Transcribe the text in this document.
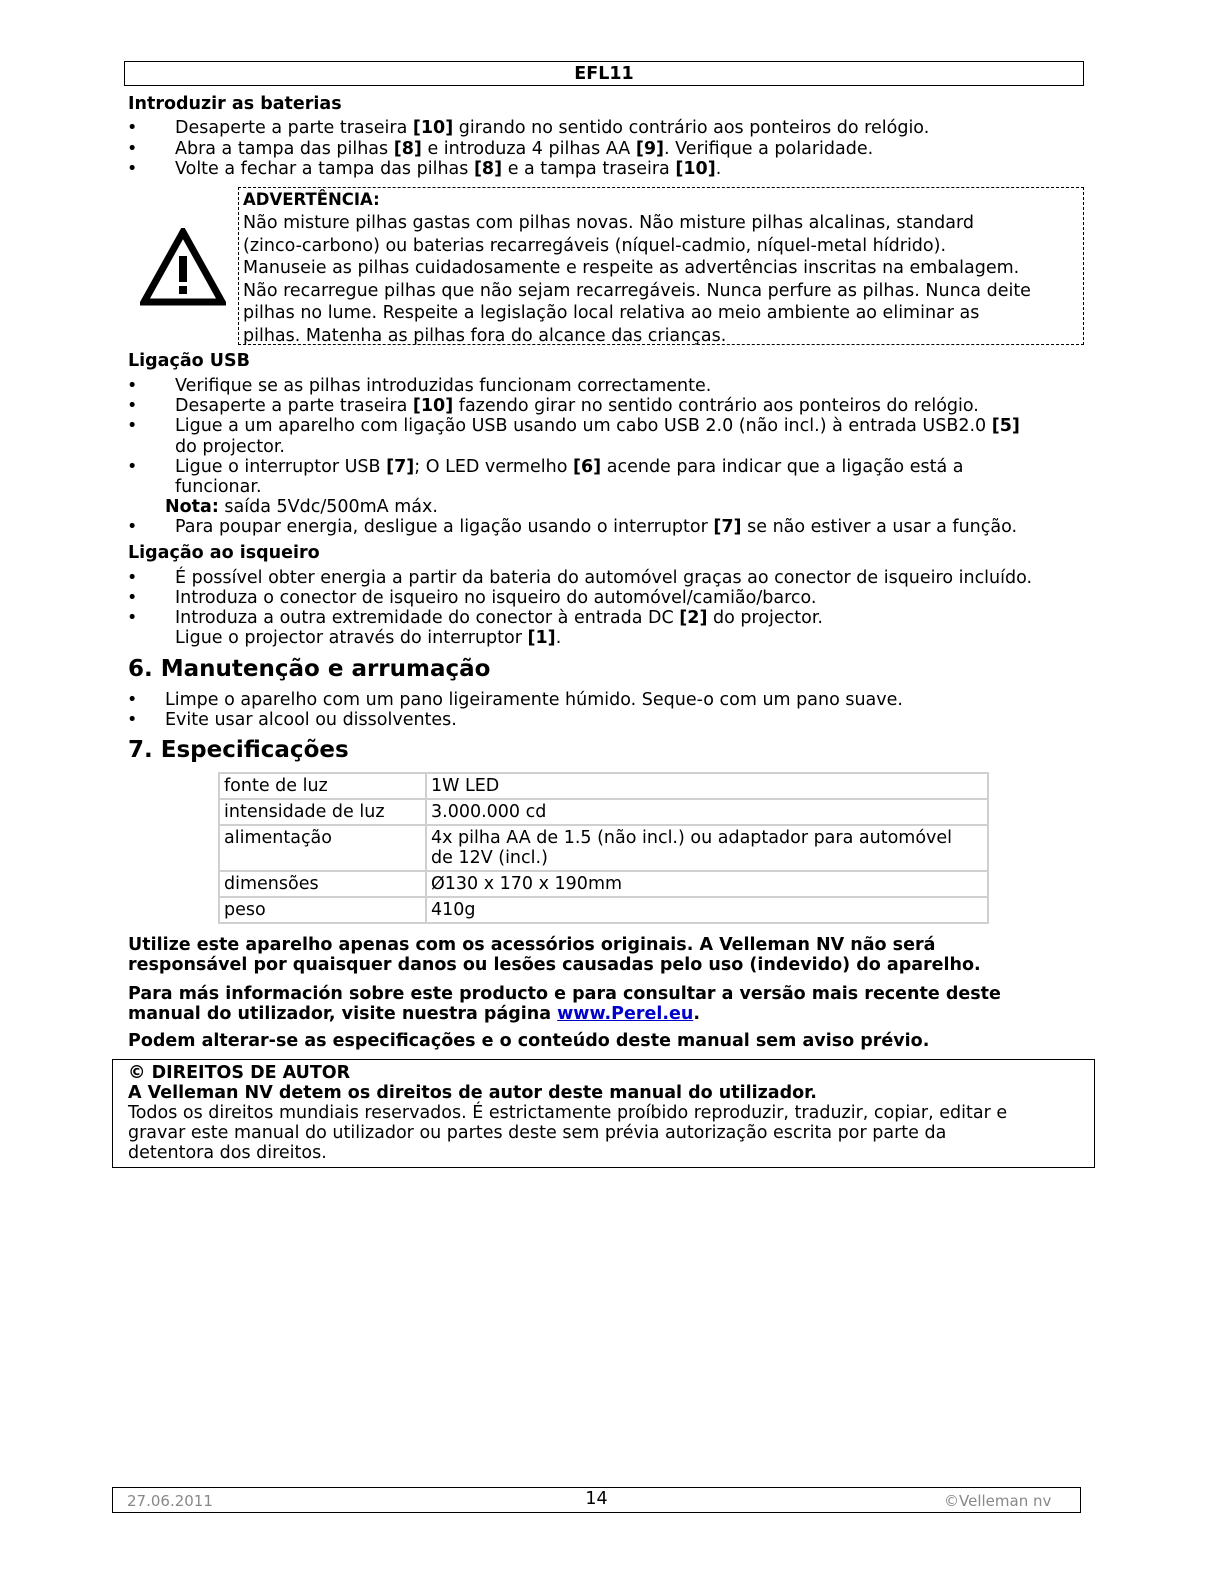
EFL11
Introduzir as baterias
• Desaperte a parte traseira [10] girando no sentido contrário aos ponteiros do relógio.
• Abra a tampa das pilhas [8] e introduza 4 pilhas AA [9]. Verifique a polaridade.
• Volte a fechar a tampa das pilhas [8] e a tampa traseira [10].
ADVERTÊNCIA:
Não misture pilhas gastas com pilhas novas. Não misture pilhas alcalinas, standard
(zinco-carbono) ou baterias recarregáveis (níquel-cadmio, níquel-metal hídrido).
Manuseie as pilhas cuidadosamente e respeite as advertências inscritas na embalagem.
Não recarregue pilhas que não sejam recarregáveis. Nunca perfure as pilhas. Nunca deite
pilhas no lume. Respeite a legislação local relativa ao meio ambiente ao eliminar as
pilhas. Matenha as pilhas fora do alcance das crianças.
Ligação USB
• Verifique se as pilhas introduzidas funcionam correctamente.
• Desaperte a parte traseira [10] fazendo girar no sentido contrário aos ponteiros do relógio.
• Ligue a um aparelho com ligação USB usando um cabo USB 2.0 (não incl.) à entrada USB2.0 [5]
do projector.
• Ligue o interruptor USB [7]; O LED vermelho [6] acende para indicar que a ligação está a
funcionar.
Nota: saída 5Vdc/500mA máx.
• Para poupar energia, desligue a ligação usando o interruptor [7] se não estiver a usar a função.
Ligação ao isqueiro
• É possível obter energia a partir da bateria do automóvel graças ao conector de isqueiro incluído.
• Introduza o conector de isqueiro no isqueiro do automóvel/camião/barco.
• Introduza a outra extremidade do conector à entrada DC [2] do projector.
Ligue o projector através do interruptor [1].
6. Manutenção e arrumação
• Limpe o aparelho com um pano ligeiramente húmido. Seque-o com um pano suave.
• Evite usar alcool ou dissolventes.
7. Especificações
fonte de luz	1W LED
intensidade de luz	3.000.000 cd
alimentação	4x pilha AA de 1.5 (não incl.) ou adaptador para automóvel
de 12V (incl.)

dimensões	Ø130 x 170 x 190mm
peso	410g
Utilize este aparelho apenas com os acessórios originais. A Velleman NV não será
responsável por quaisquer danos ou lesões causadas pelo uso (indevido) do aparelho.
Para más información sobre este producto e para consultar a versão mais recente deste
manual do utilizador, visite nuestra página www.Perel.eu.
Podem alterar-se as especificações e o conteúdo deste manual sem aviso prévio.
© DIREITOS DE AUTOR
A Velleman NV detem os direitos de autor deste manual do utilizador.
Todos os direitos mundiais reservados. É estrictamente proíbido reproduzir, traduzir, copiar, editar e
gravar este manual do utilizador ou partes deste sem prévia autorização escrita por parte da
detentora dos direitos.
27.06.2011	14	©Velleman nv
